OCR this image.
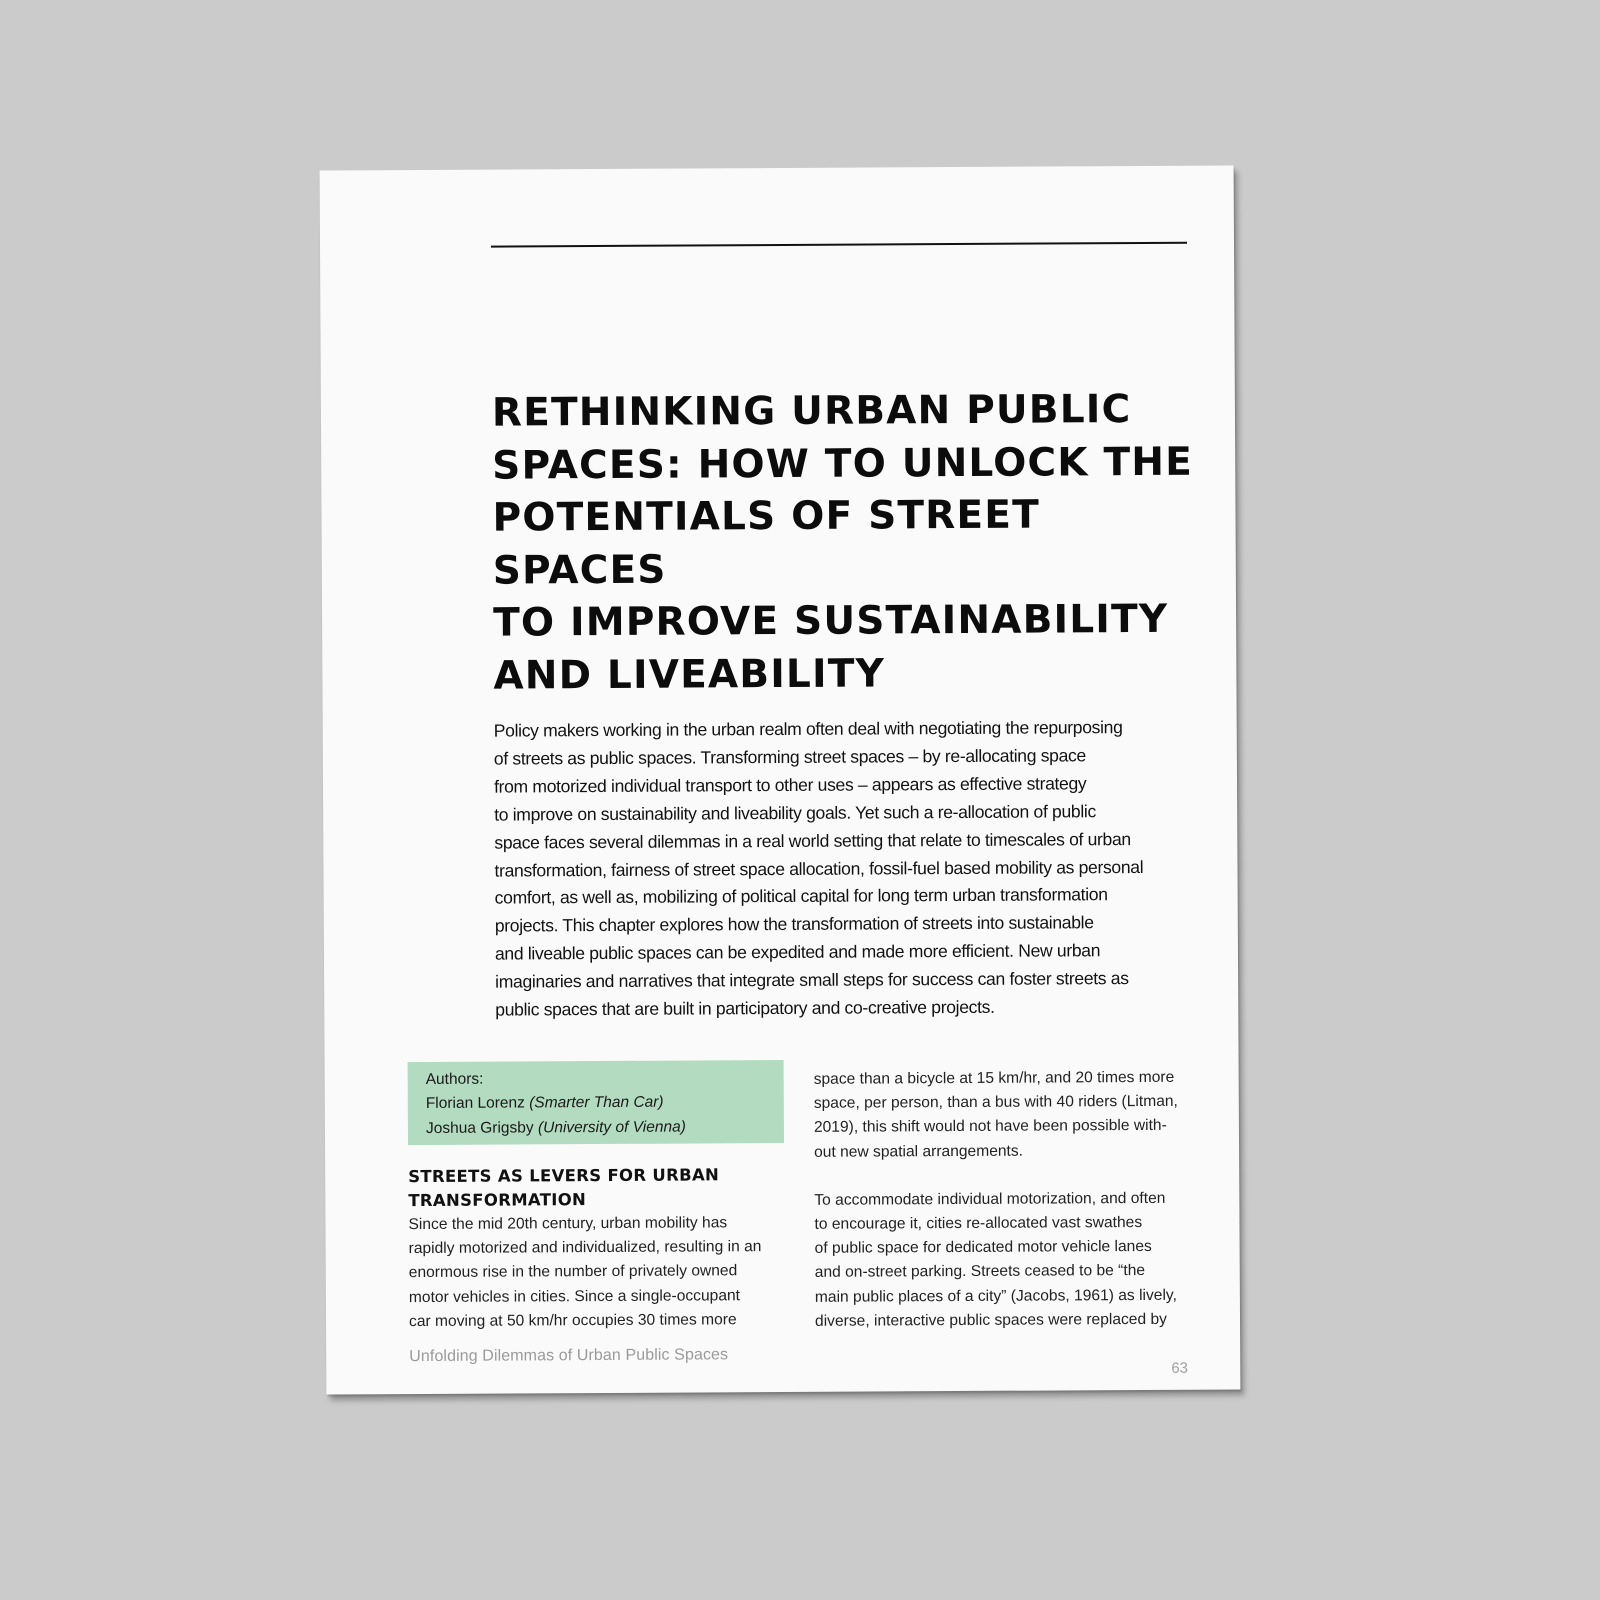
RETHINKING URBAN PUBLIC
SPACES: HOW TO UNLOCK THE
POTENTIALS OF STREET SPACES
TO IMPROVE SUSTAINABILITY
AND LIVEABILITY

Policy makers working in the urban realm often deal with negotiating the repurposing
of streets as public spaces. Transforming street spaces – by re-allocating space
from motorized individual transport to other uses – appears as effective strategy
to improve on sustainability and liveability goals. Yet such a re-allocation of public
space faces several dilemmas in a real world setting that relate to timescales of urban
transformation, fairness of street space allocation, fossil-fuel based mobility as personal
comfort, as well as, mobilizing of political capital for long term urban transformation
projects. This chapter explores how the transformation of streets into sustainable
and liveable public spaces can be expedited and made more efficient. New urban
imaginaries and narratives that integrate small steps for success can foster streets as
public spaces that are built in participatory and co-creative projects.

Authors:
Florian Lorenz (Smarter Than Car)
Joshua Grigsby (University of Vienna)
STREETS AS LEVERS FOR URBAN
TRANSFORMATION

Since the mid 20th century, urban mobility has
rapidly motorized and individualized, resulting in an
enormous rise in the number of privately owned
motor vehicles in cities. Since a single-occupant
car moving at 50 km/hr occupies 30 times more

space than a bicycle at 15 km/hr, and 20 times more
space, per person, than a bus with 40 riders (Litman,
2019), this shift would not have been possible with-
out new spatial arrangements.

To accommodate individual motorization, and often
to encourage it, cities re-allocated vast swathes
of public space for dedicated motor vehicle lanes
and on-street parking. Streets ceased to be “the
main public places of a city” (Jacobs, 1961) as lively,
diverse, interactive public spaces were replaced by

Unfolding Dilemmas of Urban Public Spaces
63
